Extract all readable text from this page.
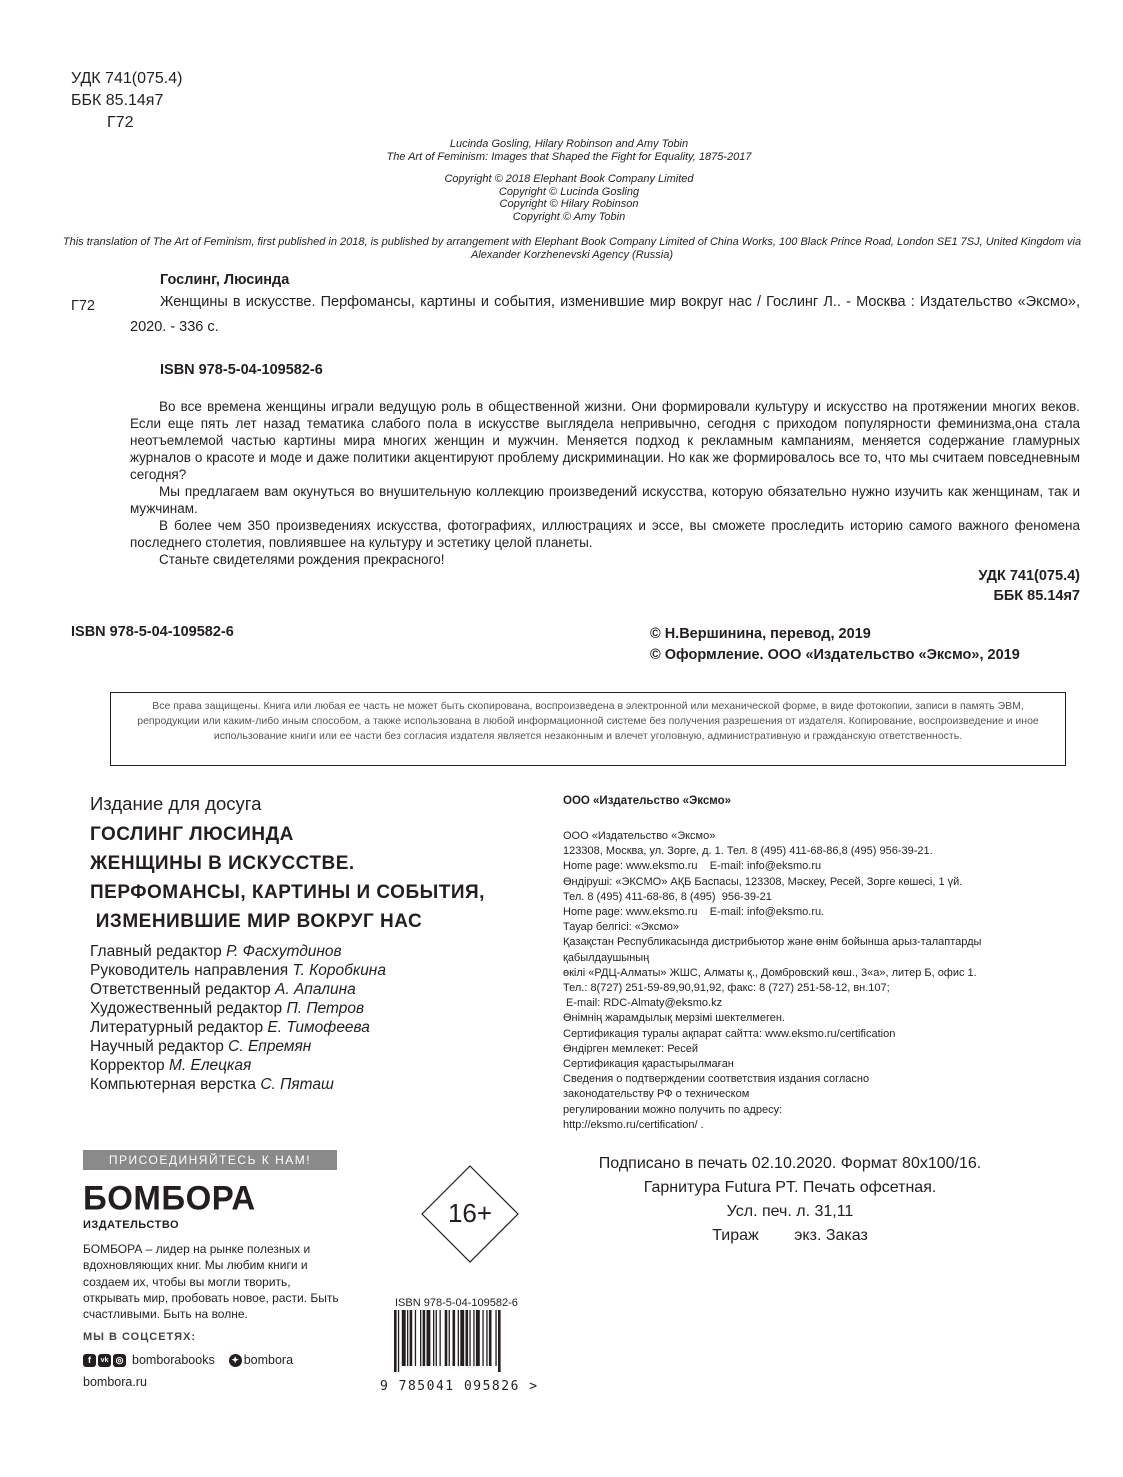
УДК 741(075.4)
ББК 85.14я7
Г72
Lucinda Gosling, Hilary Robinson and Amy Tobin
The Art of Feminism: Images that Shaped the Fight for Equality, 1875-2017
Copyright © 2018 Elephant Book Company Limited
Copyright © Lucinda Gosling
Copyright © Hilary Robinson
Copyright © Amy Tobin
This translation of The Art of Feminism, first published in 2018, is published by arrangement with Elephant Book Company Limited of China Works, 100 Black Prince Road, London SE1 7SJ, United Kingdom via Alexander Korzhenevski Agency (Russia)
Гослинг, Люсинда
Г72	Женщины в искусстве. Перфомансы, картины и события, изменившие мир вокруг нас / Гослинг Л.. - Москва : Издательство «Эксмо», 2020. - 336 с.
ISBN 978-5-04-109582-6

Во все времена женщины играли ведущую роль в общественной жизни. Они формировали культуру и искусство на протяжении многих веков. Если еще пять лет назад тематика слабого пола в искусстве выглядела непривычно, сегодня с приходом популярности феминизма,она стала неотъемлемой частью картины мира многих женщин и мужчин. Меняется подход к рекламным кампаниям, меняется содержание гламурных журналов о красоте и моде и даже политики акцентируют проблему дискриминации. Но как же формировалось все то, что мы считаем повседневным сегодня?

Мы предлагаем вам окунуться во внушительную коллекцию произведений искусства, которую обязательно нужно изучить как женщинам, так и мужчинам.

В более чем 350 произведениях искусства, фотографиях, иллюстрациях и эссе, вы сможете проследить историю самого важного феномена последнего столетия, повлиявшее на культуру и эстетику целой планеты.

Станьте свидетелями рождения прекрасного!

УДК 741(075.4)
ББК 85.14я7
ISBN 978-5-04-109582-6	© Н.Вершинина, перевод, 2019
© Оформление. ООО «Издательство «Эксмо», 2019
Все права защищены. Книга или любая ее часть не может быть скопирована, воспроизведена в электронной или механической форме, в виде фотокопии, записи в память ЭВМ, репродукции или каким-либо иным способом, а также использована в любой информационной системе без получения разрешения от издателя. Копирование, воспроизведение и иное использование книги или ее части без согласия издателя является незаконным и влечет уголовную, административную и гражданскую ответственность.
Издание для досуга
ГОСЛИНГ ЛЮСИНДА
ЖЕНЩИНЫ В ИСКУССТВЕ.
ПЕРФОМАНСЫ, КАРТИНЫ И СОБЫТИЯ,
ИЗМЕНИВШИЕ МИР ВОКРУГ НАС
Главный редактор Р. Фасхутдинов
Руководитель направления Т. Коробкина
Ответственный редактор А. Апалина
Художественный редактор П. Петров
Литературный редактор Е. Тимофеева
Научный редактор С. Епремян
Корректор М. Елецкая
Компьютерная верстка С. Пяташ
ООО «Издательство «Эксмо»
ООО «Издательство «Эксмо»
123308, Москва, ул. Зорге, д. 1. Тел. 8 (495) 411-68-86,8 (495) 956-39-21.
Home page: www.eksmo.ru    E-mail: info@eksmo.ru
Өндіруші: «ЭКСМО» АҚБ Баспасы, 123308, Мәскеу, Ресей, Зорге көшесі, 1 үй.
Тел. 8 (495) 411-68-86, 8 (495)  956-39-21
Home page: www.eksmo.ru    E-mail: info@eksmo.ru.
Тауар белгісі: «Эксмо»
Қазақстан Республикасында дистрибьютор және өнім бойынша арыз-талаптарды
қабылдаушының
өкілі «РДЦ-Алматы» ЖШС, Алматы қ., Домбровский көш., 3«а», литер Б, офис 1.
Тел.: 8(727) 251-59-89,90,91,92, факс: 8 (727) 251-58-12, вн.107;
E-mail: RDC-Almaty@eksmo.kz
Өнімнің жарамдылық мерзімі шектелмеген.
Сертификация туралы ақпарат сайтта: www.eksmo.ru/certification
Өндірген мемлекет: Ресей
Сертификация қарастырылмаған
Сведения о подтверждении соответствия издания согласно
законодательству РФ о техническом
регулировании можно получить по адресу:
http://eksmo.ru/certification/ .
ПРИСОЕДИНЯЙТЕСЬ К НАМ!
БОМБОРА
ИЗДАТЕЛЬСТВО
БОМБОРА – лидер на рынке полезных и вдохновляющих книг. Мы любим книги и создаем их, чтобы вы могли творить, открывать мир, пробовать новое, расти. Быть счастливыми. Быть на волне.
МЫ В СОЦСЕТЯХ:
f	vk ◎ bomborabooks	✦ bombora
bombora.ru
16+
Подписано в печать 02.10.2020. Формат 80x100/16.
Гарнитура Futura PT. Печать офсетная.
Усл. печ. л. 31,11
Тираж        экз. Заказ
ISBN 978-5-04-109582-6
9 785041 095826 >
